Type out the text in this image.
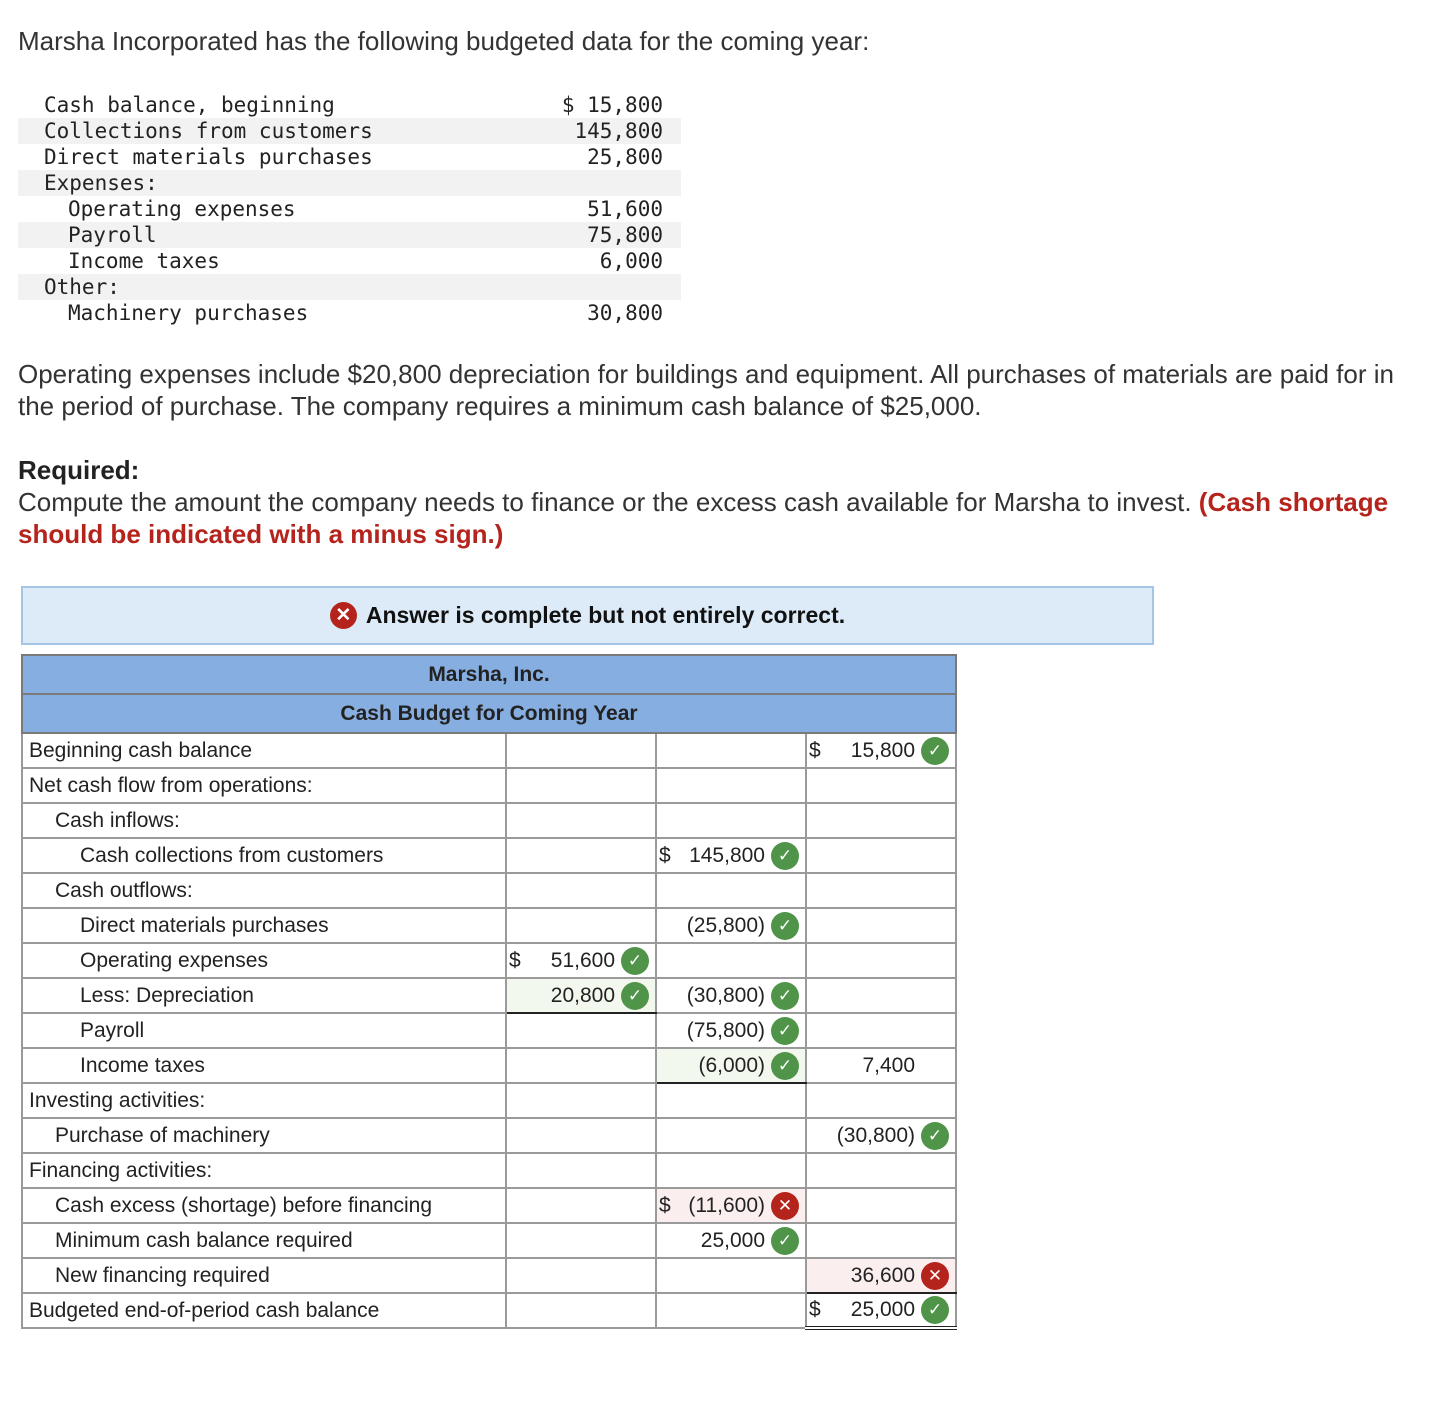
Marsha Incorporated has the following budgeted data for the coming year:
Cash balance, beginning	$ 15,800
Collections from customers	145,800
Direct materials purchases	25,800
Expenses:	
Operating expenses	51,600
Payroll	75,800
Income taxes	6,000
Other:	
Machinery purchases	30,800
Operating expenses include $20,800 depreciation for buildings and equipment. All purchases of materials are paid for in the period of purchase. The company requires a minimum cash balance of $25,000.
Required:
Compute the amount the company needs to finance or the excess cash available for Marsha to invest. (Cash shortage should be indicated with a minus sign.)
✕ Answer is complete but not entirely correct.
Marsha, Inc.			
Cash Budget for Coming Year			
Beginning cash balance			$ 15,800 ✓

Net cash flow from operations:			
Cash inflows:			
Cash collections from customers		$ 145,800 ✓	

Cash outflows:			
Direct materials purchases		(25,800) ✓	

Operating expenses	$ 51,600 ✓		

Less: Depreciation	20,800 ✓	(30,800) ✓	

Payroll		(75,800) ✓	

Income taxes		(6,000) ✓	7,400

Investing activities:			
Purchase of machinery			(30,800) ✓

Financing activities:			
Cash excess (shortage) before financing		$ (11,600) ✕	

Minimum cash balance required		25,000 ✓	

New financing required			36,600 ✕

Budgeted end-of-period cash balance			$ 25,000 ✓
